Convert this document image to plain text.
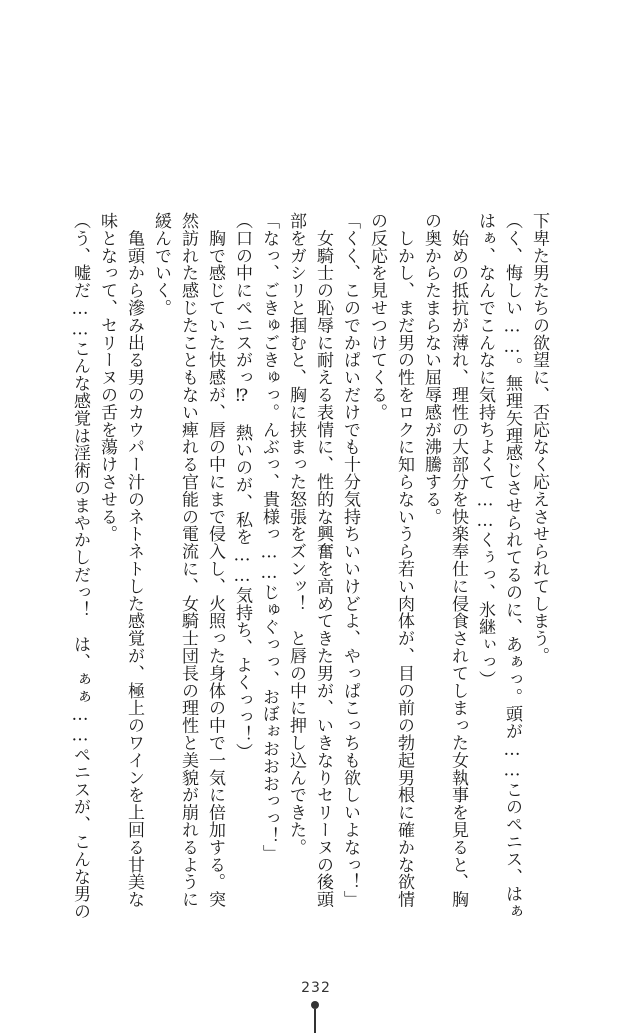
下卑た男たちの欲望に、否応なく応えさせられてしまう。
（く、悔しい……。無理矢理感じさせられてるのに、あぁっ。頭が……このペニス、はぁ
はぁ、なんでこんなに気持ちよくて……くぅっ、氷継ぃっ）
　始めの抵抗が薄れ、理性の大部分を快楽奉仕に侵食されてしまった女執事を見ると、胸
の奥からたまらない屈辱感が沸騰する。
　しかし、まだ男の性をロクに知らないうら若い肉体が、目の前の勃起男根に確かな欲情
の反応を見せつけてくる。
「くく、このでかぱいだけでも十分気持ちいいけどよ、やっぱこっちも欲しいよなっ！」
　女騎士の恥辱に耐える表情に、性的な興奮を高めてきた男が、いきなりセリーヌの後頭
部をガシリと掴むと、胸に挟まった怒張をズンッ！　と唇の中に押し込んできた。
「なっ、ごきゅごきゅっ。んぶっ、貴様っ……じゅぐっっ、おぼぉおおおっっ！」
（口の中にペニスがっ⁉　熱いのが、私を……気持ち、よくっっ！）
　胸で感じていた快感が、唇の中にまで侵入し、火照った身体の中で一気に倍加する。突
然訪れた感じたこともない痺れる官能の電流に、女騎士団長の理性と美貌が崩れるように
緩んでいく。
　亀頭から滲み出る男のカウパー汁のネトネトした感覚が、極上のワインを上回る甘美な
味となって、セリーヌの舌を蕩けさせる。
（う、嘘だ……こんな感覚は淫術のまやかしだっ！　は、ぁぁ……ペニスが、こんな男の
232
